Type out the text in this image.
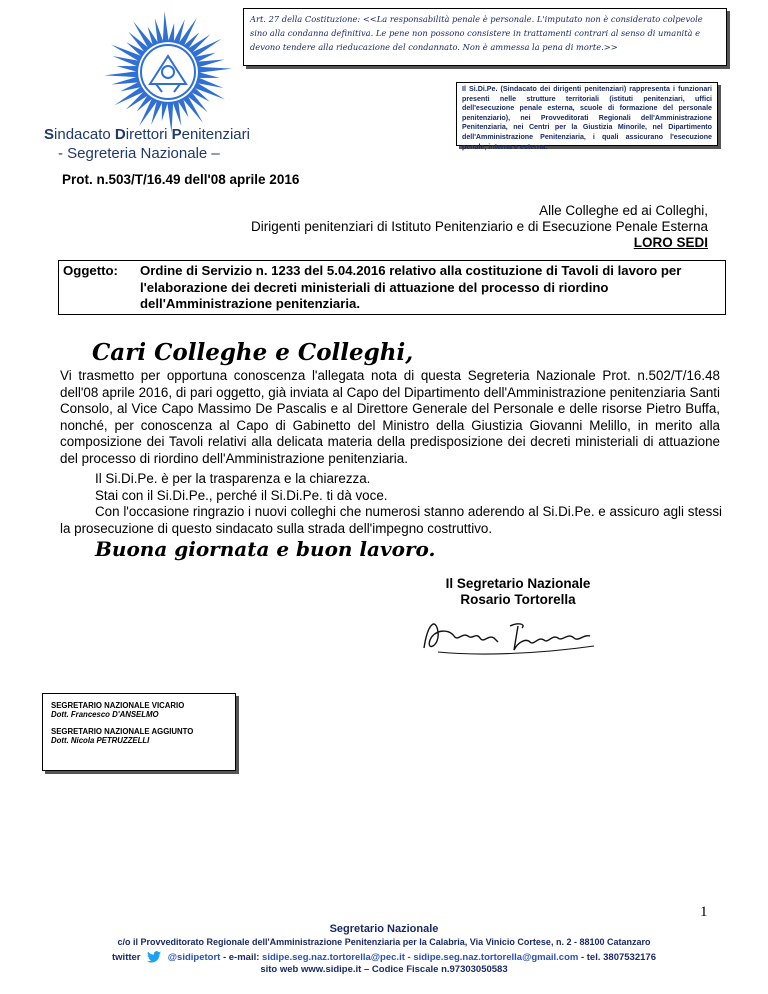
Sindacato Direttori Penitenziari
- Segreteria Nazionale –
Art. 27 della Costituzione: <<La responsabilità penale è personale. L'imputato non è considerato colpevole sino alla condanna definitiva. Le pene non possono consistere in trattamenti contrari al senso di umanità e devono tendere alla rieducazione del condannato. Non è ammessa la pena di morte.>>
Il Si.Di.Pe. (Sindacato dei dirigenti penitenziari) rappresenta i funzionari presenti nelle strutture territoriali (istituti penitenziari, uffici dell'esecuzione penale esterna, scuole di formazione del personale penitenziario), nei Provveditorati Regionali dell'Amministrazione Penitenziaria, nei Centri per la Giustizia Minorile, nel Dipartimento dell'Amministrazione Penitenziaria, i quali assicurano l'esecuzione penale, interna e esterna.
Prot. n.503/T/16.49 dell'08 aprile 2016
Alle Colleghe ed ai Colleghi,
Dirigenti penitenziari di Istituto Penitenziario e di Esecuzione Penale Esterna
LORO SEDI
Oggetto:	Ordine di Servizio n. 1233 del 5.04.2016 relativo alla costituzione di Tavoli di lavoro per l'elaborazione dei decreti ministeriali di attuazione del processo di riordino dell'Amministrazione penitenziaria.
Cari Colleghe e Colleghi,
Vi trasmetto per opportuna conoscenza l'allegata nota di questa Segreteria Nazionale Prot. n.502/T/16.48 dell'08 aprile 2016, di pari oggetto, già inviata al Capo del Dipartimento dell'Amministrazione penitenziaria Santi Consolo, al Vice Capo Massimo De Pascalis e al Direttore Generale del Personale e delle risorse Pietro Buffa, nonché, per conoscenza al Capo di Gabinetto del Ministro della Giustizia Giovanni Melillo, in merito alla composizione dei Tavoli relativi alla delicata materia della predisposizione dei decreti ministeriali di attuazione del processo di riordino dell'Amministrazione penitenziaria.
Il Si.Di.Pe. è per la trasparenza e la chiarezza.
Stai con il Si.Di.Pe., perché il Si.Di.Pe. ti dà voce.
Con l'occasione ringrazio i nuovi colleghi che numerosi stanno aderendo al Si.Di.Pe. e assicuro agli stessi la prosecuzione di questo sindacato sulla strada dell'impegno costruttivo.
Buona giornata e buon lavoro.
Il Segretario Nazionale
Rosario Tortorella
SEGRETARIO NAZIONALE VICARIO
Dott. Francesco D'ANSELMO
SEGRETARIO NAZIONALE AGGIUNTO
Dott. Nicola PETRUZZELLI
1
Segretario Nazionale
c/o il Provveditorato Regionale dell'Amministrazione Penitenziaria per la Calabria, Via Vinicio Cortese, n. 2 - 88100 Catanzaro
twitter	@sidipetort - e-mail: sidipe.seg.naz.tortorella@pec.it - sidipe.seg.naz.tortorella@gmail.com - tel. 3807532176
sito web www.sidipe.it – Codice Fiscale n.97303050583
